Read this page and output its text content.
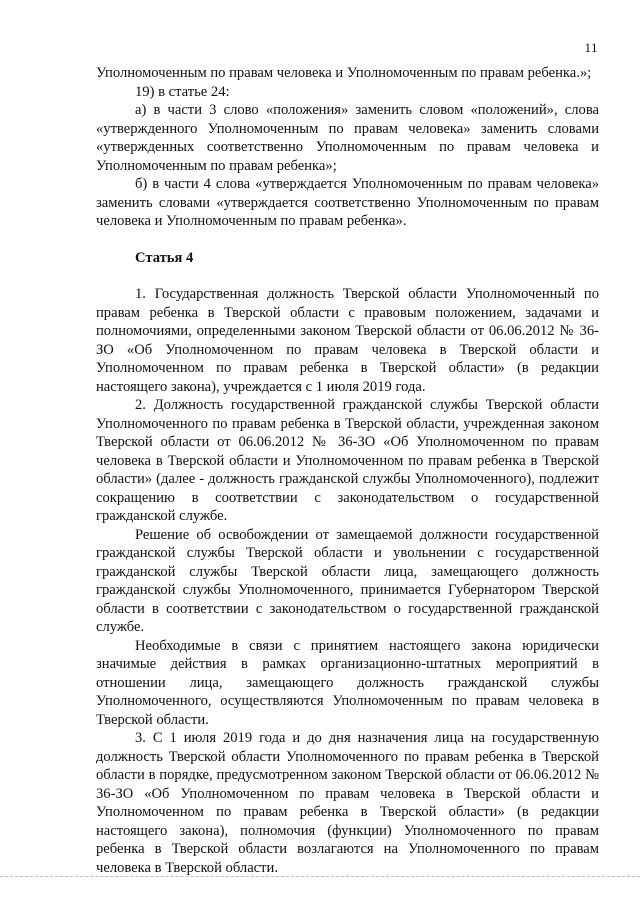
11

Уполномоченным по правам человека и Уполномоченным по правам ребенка.»;

19) в статье 24:

а) в части 3 слово «положения» заменить словом «положений», слова «утвержденного Уполномоченным по правам человека» заменить словами «утвержденных соответственно Уполномоченным по правам человека и Уполномоченным по правам ребенка»;

б) в части 4 слова «утверждается Уполномоченным по правам человека» заменить словами «утверждается соответственно Уполномоченным по правам человека и Уполномоченным по правам ребенка».

Статья 4

1. Государственная должность Тверской области Уполномоченный по правам ребенка в Тверской области с правовым положением, задачами и полномочиями, определенными законом Тверской области от 06.06.2012 № 36-ЗО «Об Уполномоченном по правам человека в Тверской области и Уполномоченном по правам ребенка в Тверской области» (в редакции настоящего закона), учреждается с 1 июля 2019 года.

2. Должность государственной гражданской службы Тверской области Уполномоченного по правам ребенка в Тверской области, учрежденная законом Тверской области от 06.06.2012 № 36-ЗО «Об Уполномоченном по правам человека в Тверской области и Уполномоченном по правам ребенка в Тверской области» (далее - должность гражданской службы Уполномоченного), подлежит сокращению в соответствии с законодательством о государственной гражданской службе.

Решение об освобождении от замещаемой должности государственной гражданской службы Тверской области и увольнении с государственной гражданской службы Тверской области лица, замещающего должность гражданской службы Уполномоченного, принимается Губернатором Тверской области в соответствии с законодательством о государственной гражданской службе.

Необходимые в связи с принятием настоящего закона юридически значимые действия в рамках организационно-штатных мероприятий в отношении лица, замещающего должность гражданской службы Уполномоченного, осуществляются Уполномоченным по правам человека в Тверской области.

3. С 1 июля 2019 года и до дня назначения лица на государственную должность Тверской области Уполномоченного по правам ребенка в Тверской области в порядке, предусмотренном законом Тверской области от 06.06.2012 № 36-ЗО «Об Уполномоченном по правам человека в Тверской области и Уполномоченном по правам ребенка в Тверской области» (в редакции настоящего закона), полномочия (функции) Уполномоченного по правам ребенка в Тверской области возлагаются на Уполномоченного по правам человека в Тверской области.
